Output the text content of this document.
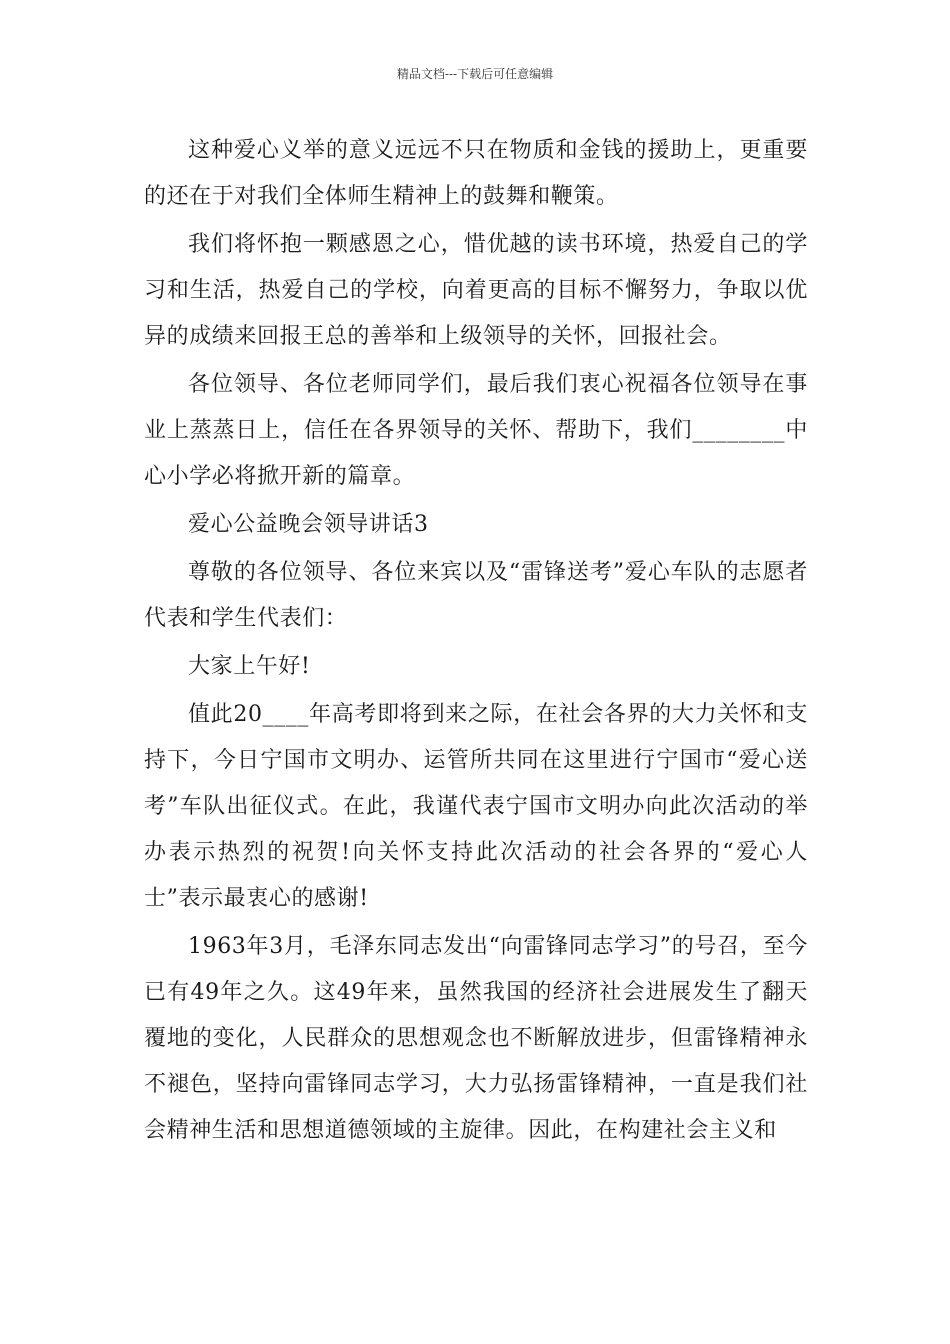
精品文档---下载后可任意编辑

这种爱心义举的意义远远不只在物质和金钱的援助上，更重要的还在于对我们全体师生精神上的鼓舞和鞭策。

我们将怀抱一颗感恩之心，惜优越的读书环境，热爱自己的学习和生活，热爱自己的学校，向着更高的目标不懈努力，争取以优异的成绩来回报王总的善举和上级领导的关怀，回报社会。

各位领导、各位老师同学们，最后我们衷心祝福各位领导在事业上蒸蒸日上，信任在各界领导的关怀、帮助下，我们________中心小学必将掀开新的篇章。

爱心公益晚会领导讲话3

尊敬的各位领导、各位来宾以及“雷锋送考”爱心车队的志愿者代表和学生代表们：

大家上午好!

值此20____年高考即将到来之际，在社会各界的大力关怀和支持下，今日宁国市文明办、运管所共同在这里进行宁国市“爱心送考”车队出征仪式。在此，我谨代表宁国市文明办向此次活动的举办表示热烈的祝贺!向关怀支持此次活动的社会各界的“爱心人士”表示最衷心的感谢!

1963年3月，毛泽东同志发出“向雷锋同志学习”的号召，至今已有49年之久。这49年来，虽然我国的经济社会进展发生了翻天覆地的变化，人民群众的思想观念也不断解放进步，但雷锋精神永不褪色，坚持向雷锋同志学习，大力弘扬雷锋精神，一直是我们社会精神生活和思想道德领域的主旋律。因此，在构建社会主义和
